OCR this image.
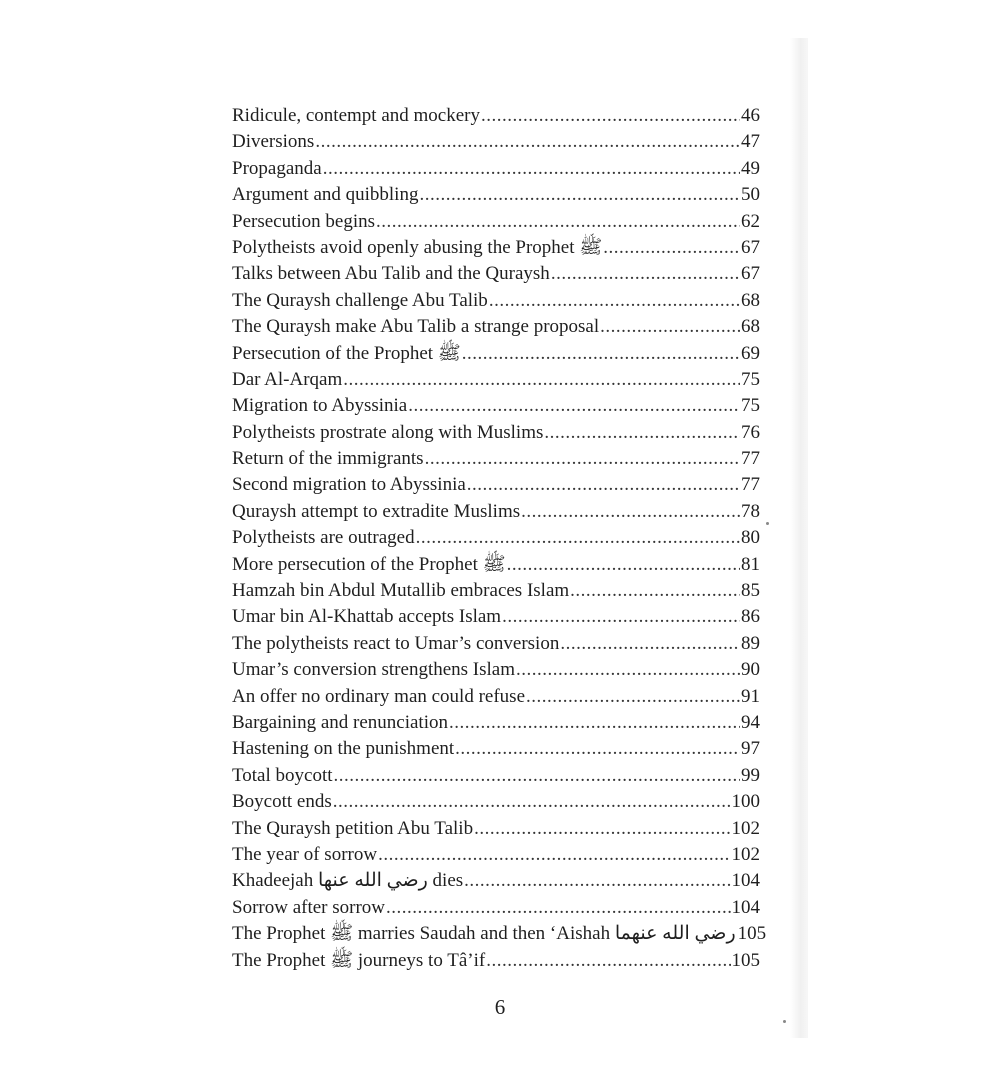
Ridicule, contempt and mockery .....	46
Diversions .....	47
Propaganda .....	49
Argument and quibbling .....	50
Persecution begins .....	62
Polytheists avoid openly abusing the Prophet ﷺ .....	67
Talks between Abu Talib and the Quraysh .....	67
The Quraysh challenge Abu Talib .....	68
The Quraysh make Abu Talib a strange proposal .....	68
Persecution of the Prophet ﷺ .....	69
Dar Al-Arqam .....	75
Migration to Abyssinia .....	75
Polytheists prostrate along with Muslims .....	76
Return of the immigrants .....	77
Second migration to Abyssinia .....	77
Quraysh attempt to extradite Muslims .....	78
Polytheists are outraged .....	80
More persecution of the Prophet ﷺ .....	81
Hamzah bin Abdul Mutallib embraces Islam .....	85
Umar bin Al-Khattab accepts Islam .....	86
The polytheists react to Umar’s conversion .....	89
Umar’s conversion strengthens Islam .....	90
An offer no ordinary man could refuse .....	91
Bargaining and renunciation .....	94
Hastening on the punishment .....	97
Total boycott .....	99
Boycott ends .....	100
The Quraysh petition Abu Talib .....	102
The year of sorrow .....	102
Khadeejah رضي الله عنها dies .....	104
Sorrow after sorrow .....	104
The Prophet ﷺ marries Saudah and then ‘Aishah رضي الله عنهما 105
The Prophet ﷺ journeys to Tâ’if .....	105
6
